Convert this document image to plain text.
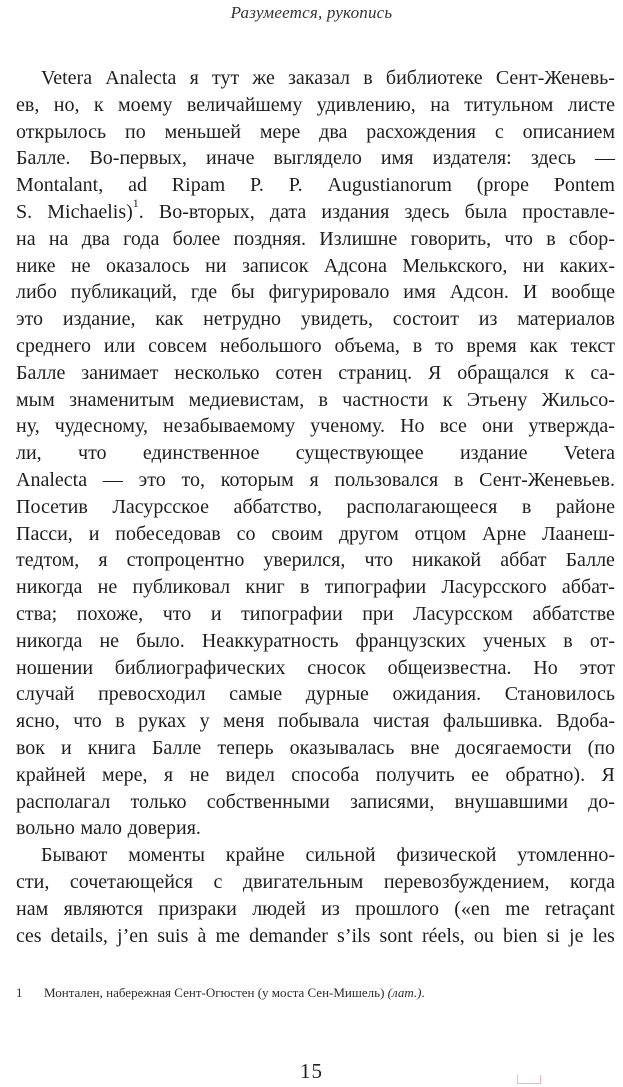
Разумеется, рукопись
Vetera Analecta я тут же заказал в библиотеке Сент-Женевь-
ев, но, к моему величайшему удивлению, на титульном листе
открылось по меньшей мере два расхождения с описанием
Балле. Во-первых, иначе выглядело имя издателя: здесь —
Montalant, ad Ripam P. P. Augustianorum (prope Pontem
S. Michaelis)$^1$. Во-вторых, дата издания здесь была проставле-
на на два года более поздняя. Излишне говорить, что в сбор-
нике не оказалось ни записок Адсона Мелькского, ни каких-
либо публикаций, где бы фигурировало имя Адсон. И вообще
это издание, как нетрудно увидеть, состоит из материалов
среднего или совсем небольшого объема, в то время как текст
Балле занимает несколько сотен страниц. Я обращался к са-
мым знаменитым медиевистам, в частности к Этьену Жильсо-
ну, чудесному, незабываемому ученому. Но все они утвержда-
ли, что единственное существующее издание Vetera
Analecta — это то, которым я пользовался в Сент-Женевьев.
Посетив Ласурсское аббатство, располагающееся в районе
Пасси, и побеседовав со своим другом отцом Арне Лаанеш-
тедтом, я стопроцентно уверился, что никакой аббат Балле
никогда не публиковал книг в типографии Ласурсского аббат-
ства; похоже, что и типографии при Ласурсском аббатстве
никогда не было. Неаккуратность французских ученых в от-
ношении библиографических сносок общеизвестна. Но этот
случай превосходил самые дурные ожидания. Становилось
ясно, что в руках у меня побывала чистая фальшивка. Вдоба-
вок и книга Балле теперь оказывалась вне досягаемости (по
крайней мере, я не видел способа получить ее обратно). Я
располагал только собственными записями, внушавшими до-
вольно мало доверия.
Бывают моменты крайне сильной физической утомленно-
сти, сочетающейся с двигательным перевозбуждением, когда
нам являются призраки людей из прошлого («en me retraçant
ces details, j’en suis à me demander s’ils sont réels, ou bien si je les
1 Монтален, набережная Сент-Огюстен (у моста Сен-Мишель) (лат.).
15
